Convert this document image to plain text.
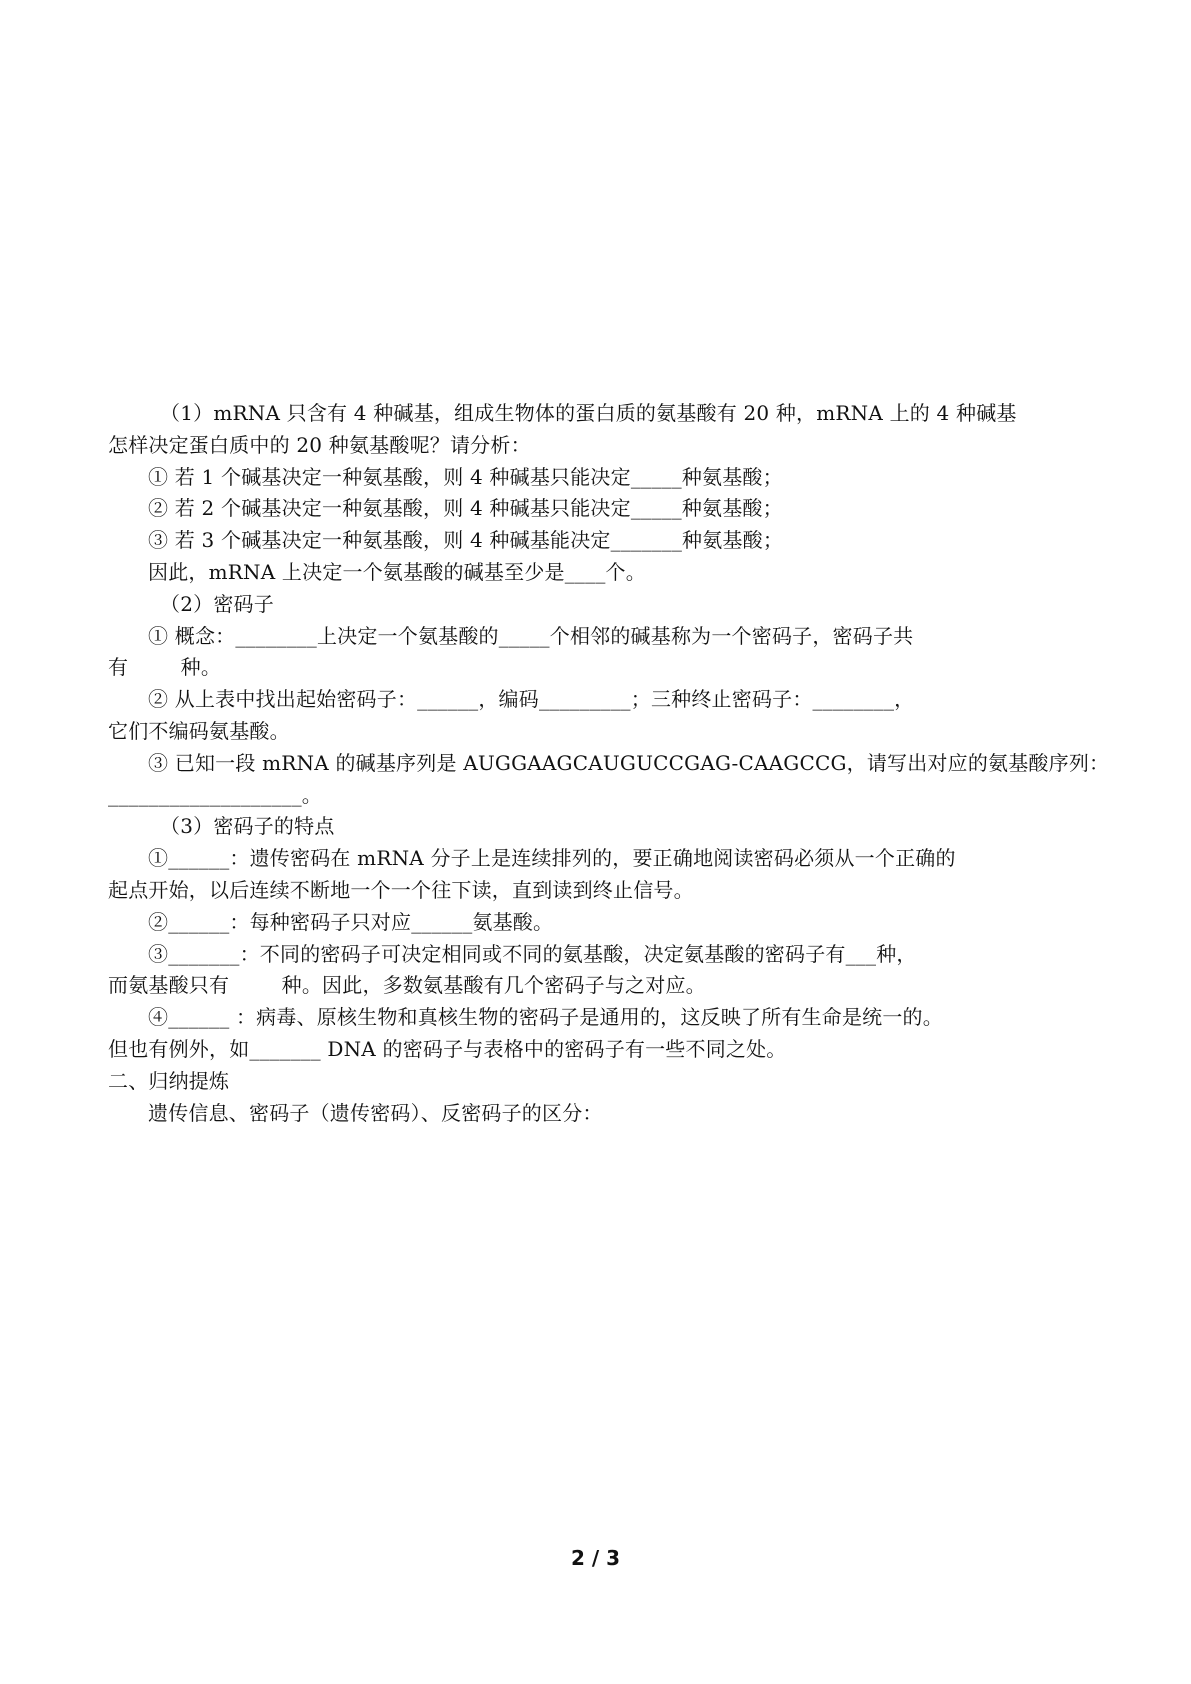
（1）mRNA 只含有 4 种碱基，组成生物体的蛋白质的氨基酸有 20 种，mRNA 上的 4 种碱基
怎样决定蛋白质中的 20 种氨基酸呢？请分析：
① 若 1 个碱基决定一种氨基酸，则 4 种碱基只能决定_____种氨基酸；
② 若 2 个碱基决定一种氨基酸，则 4 种碱基只能决定_____种氨基酸；
③ 若 3 个碱基决定一种氨基酸，则 4 种碱基能决定_______种氨基酸；
因此，mRNA 上决定一个氨基酸的碱基至少是____个。
（2）密码子
① 概念：________上决定一个氨基酸的_____个相邻的碱基称为一个密码子，密码子共
有        种。
② 从上表中找出起始密码子：______，编码_________；三种终止密码子：________，
它们不编码氨基酸。
③ 已知一段 mRNA 的碱基序列是 AUGGAAGCAUGUCCGAG-CAAGCCG，请写出对应的氨基酸序列：
___________________。
（3）密码子的特点
①______：遗传密码在 mRNA 分子上是连续排列的，要正确地阅读密码必须从一个正确的
起点开始，以后连续不断地一个一个往下读，直到读到终止信号。
②______：每种密码子只对应______氨基酸。
③_______：不同的密码子可决定相同或不同的氨基酸，决定氨基酸的密码子有___种，
而氨基酸只有        种。因此，多数氨基酸有几个密码子与之对应。
④______ ：病毒、原核生物和真核生物的密码子是通用的，这反映了所有生命是统一的。
但也有例外，如_______ DNA 的密码子与表格中的密码子有一些不同之处。
二、归纳提炼
遗传信息、密码子（遗传密码）、反密码子的区分：
2 / 3
